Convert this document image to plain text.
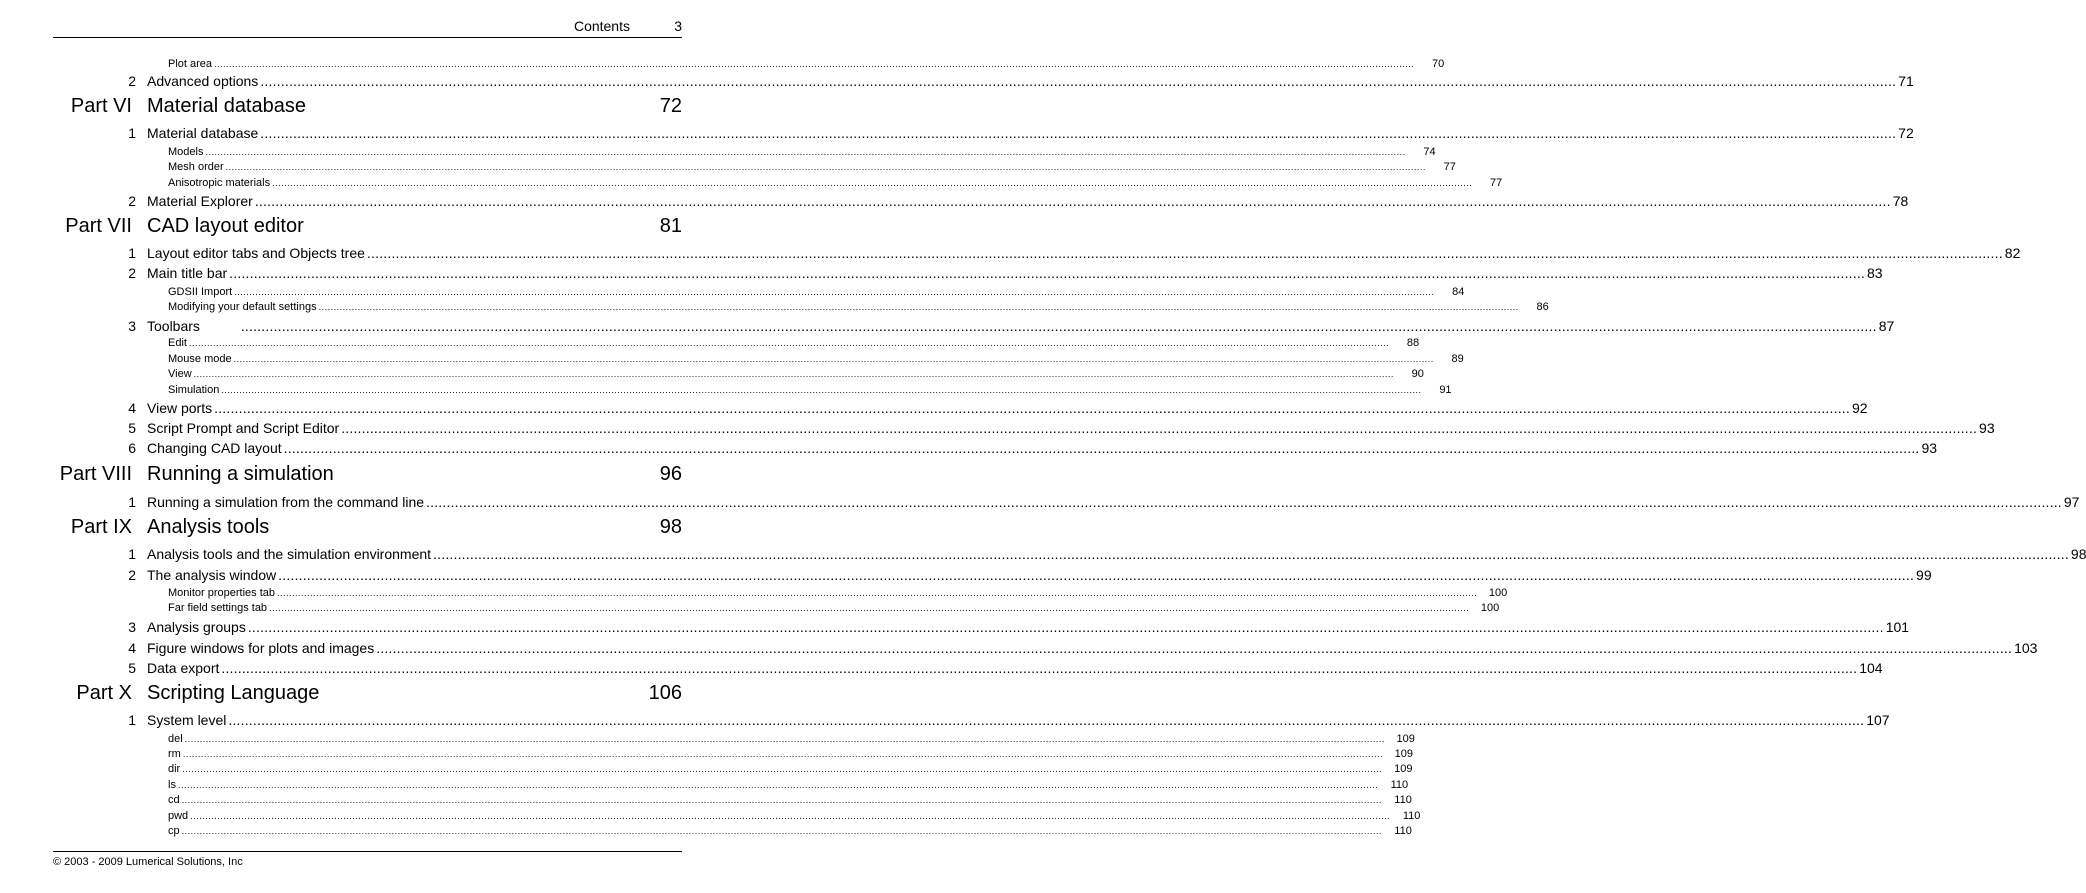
Contents	3
Plot area ................................................................................................................................................................................................................................................................................................................................................................................................................	70
2 Advanced options ................................................................................................................................................................................................................................................................................................................................................................................................................ 71
Part VI Material database	72
1 Material database ................................................................................................................................................................................................................................................................................................................................................................................................................ 72
Models ................................................................................................................................................................................................................................................................................................................................................................................................................	74
Mesh order ................................................................................................................................................................................................................................................................................................................................................................................................................	77
Anisotropic materials ................................................................................................................................................................................................................................................................................................................................................................................................................	77
2 Material Explorer ................................................................................................................................................................................................................................................................................................................................................................................................................ 78
Part VII CAD layout editor	81
1 Layout editor tabs and Objects tree ................................................................................................................................................................................................................................................................................................................................................................................................................ 82
2 Main title bar ................................................................................................................................................................................................................................................................................................................................................................................................................ 83
GDSII Import ................................................................................................................................................................................................................................................................................................................................................................................................................	84
Modifying your default settings ................................................................................................................................................................................................................................................................................................................................................................................................................	86
3 Toolbars ................................................................................................................................................................................................................................................................................................................................................................................................................ 87
Edit ................................................................................................................................................................................................................................................................................................................................................................................................................	88
Mouse mode ................................................................................................................................................................................................................................................................................................................................................................................................................	89
View ................................................................................................................................................................................................................................................................................................................................................................................................................	90
Simulation ................................................................................................................................................................................................................................................................................................................................................................................................................	91
4 View ports ................................................................................................................................................................................................................................................................................................................................................................................................................ 92
5 Script Prompt and Script Editor ................................................................................................................................................................................................................................................................................................................................................................................................................ 93
6 Changing CAD layout ................................................................................................................................................................................................................................................................................................................................................................................................................ 93
Part VIII Running a simulation	96
1 Running a simulation from the command line ................................................................................................................................................................................................................................................................................................................................................................................................................ 97
Part IX Analysis tools	98
1 Analysis tools and the simulation environment ................................................................................................................................................................................................................................................................................................................................................................................................................ 98
2 The analysis window ................................................................................................................................................................................................................................................................................................................................................................................................................ 99
Monitor properties tab ................................................................................................................................................................................................................................................................................................................................................................................................................	100
Far field settings tab ................................................................................................................................................................................................................................................................................................................................................................................................................	100
3 Analysis groups ................................................................................................................................................................................................................................................................................................................................................................................................................ 101
4 Figure windows for plots and images ................................................................................................................................................................................................................................................................................................................................................................................................................ 103
5 Data export ................................................................................................................................................................................................................................................................................................................................................................................................................ 104
Part X Scripting Language	106
1 System level ................................................................................................................................................................................................................................................................................................................................................................................................................ 107
del ................................................................................................................................................................................................................................................................................................................................................................................................................	109
rm ................................................................................................................................................................................................................................................................................................................................................................................................................	109
dir ................................................................................................................................................................................................................................................................................................................................................................................................................	109
ls ................................................................................................................................................................................................................................................................................................................................................................................................................	110
cd ................................................................................................................................................................................................................................................................................................................................................................................................................	110
pwd ................................................................................................................................................................................................................................................................................................................................................................................................................	110
cp ................................................................................................................................................................................................................................................................................................................................................................................................................	110
© 2003 - 2009 Lumerical Solutions, Inc
